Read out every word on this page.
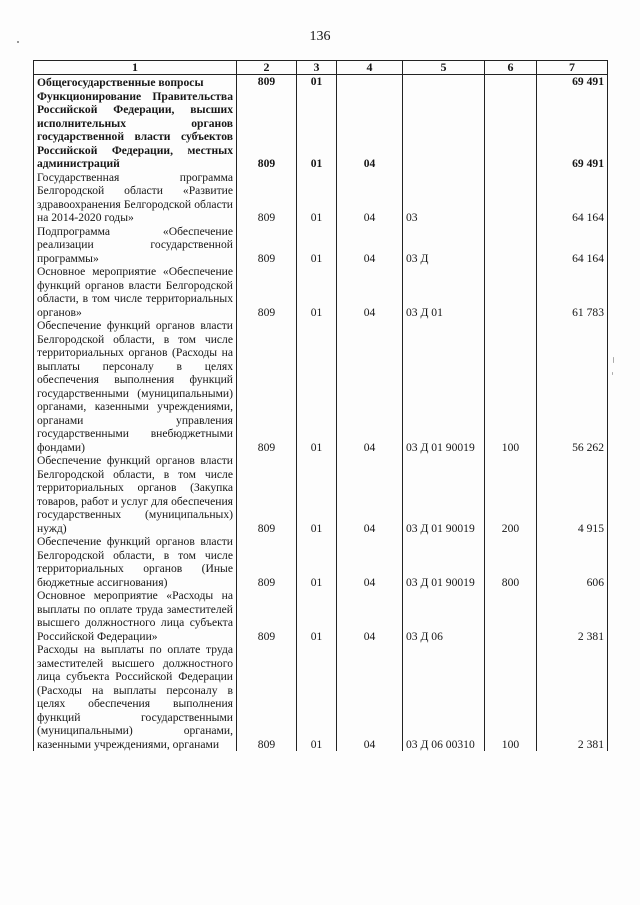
136
1	2	3	4	5	6	7
Общегосударственные вопросы	809	01				69 491
Функционирование Правительства Российской Федерации, высших исполнительных органов государственной власти субъектов Российской Федерации, местных администраций	809	01	04			69 491
Государственная программа Белгородской области «Развитие здравоохранения Белгородской области на 2014-2020 годы»	809	01	04	03		64 164
Подпрограмма «Обеспечение реализации государственной программы»	809	01	04	03 Д		64 164
Основное мероприятие «Обеспечение функций органов власти Белгородской области, в том числе территориальных органов»	809	01	04	03 Д 01		61 783
Обеспечение функций органов власти Белгородской области, в том числе территориальных органов (Расходы на выплаты персоналу в целях обеспечения выполнения функций государственными (муниципальными) органами, казенными учреждениями, органами управления государственными внебюджетными фондами)	809	01	04	03 Д 01 90019	100	56 262
Обеспечение функций органов власти Белгородской области, в том числе территориальных органов (Закупка товаров, работ и услуг для обеспечения государственных (муниципальных) нужд)	809	01	04	03 Д 01 90019	200	4 915
Обеспечение функций органов власти Белгородской области, в том числе территориальных органов (Иные бюджетные ассигнования)	809	01	04	03 Д 01 90019	800	606
Основное мероприятие «Расходы на выплаты по оплате труда заместителей высшего должностного лица субъекта Российской Федерации»	809	01	04	03 Д 06		2 381
Расходы на выплаты по оплате труда заместителей высшего должностного лица субъекта Российской Федерации (Расходы на выплаты персоналу в целях обеспечения выполнения функций государственными (муниципальными) органами, казенными учреждениями, органами	809	01	04	03 Д 06 00310	100	2 381
